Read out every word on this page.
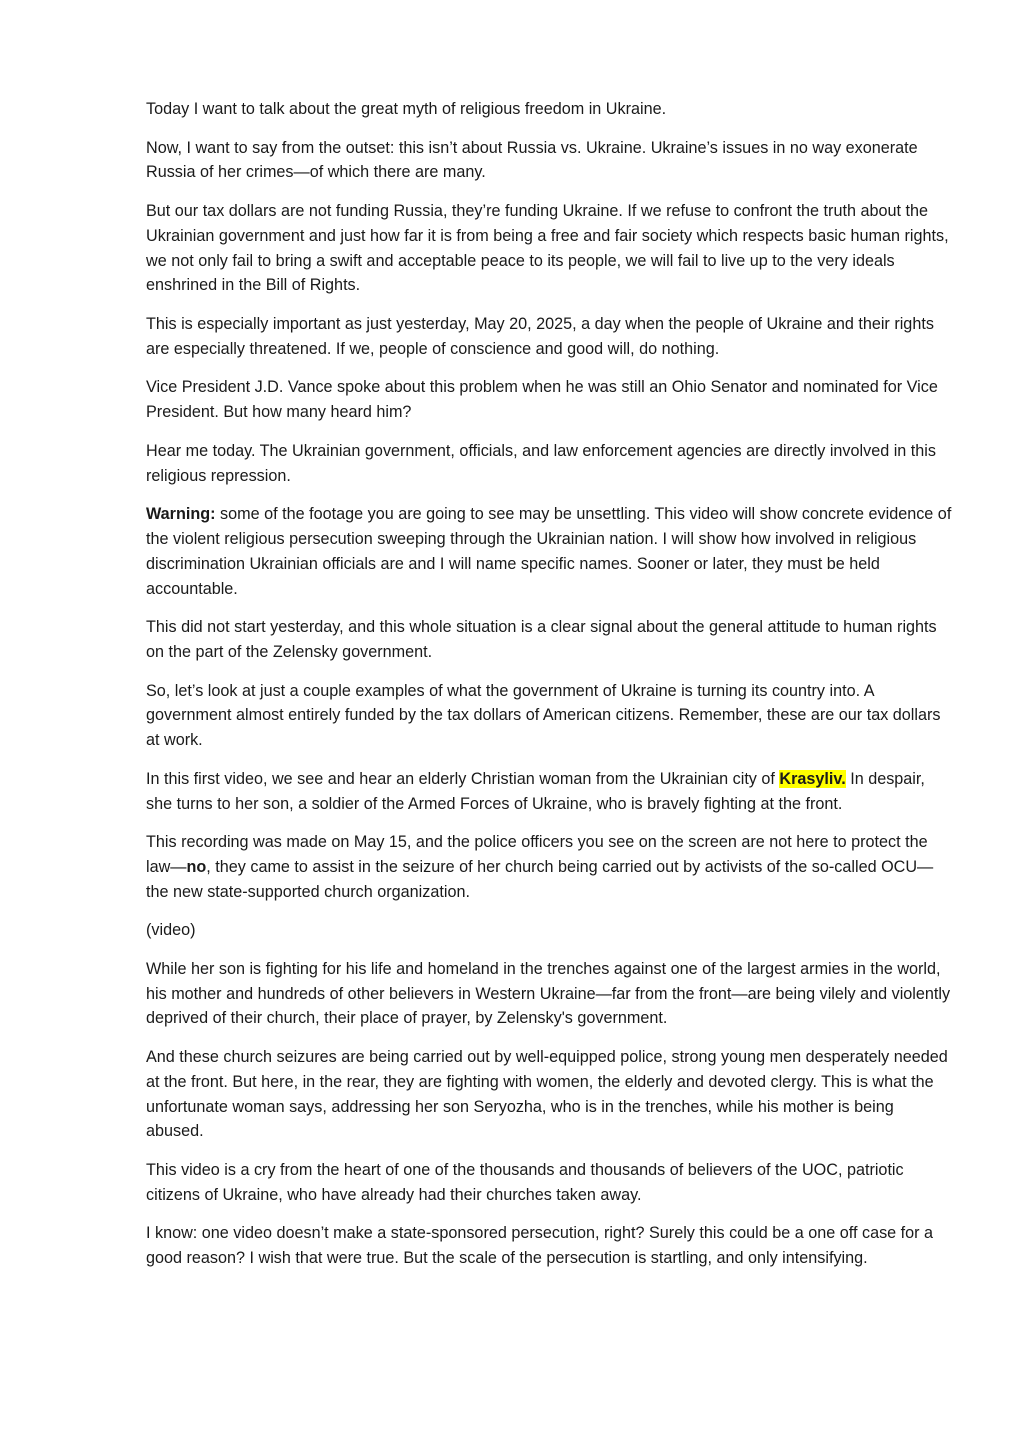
Today I want to talk about the great myth of religious freedom in Ukraine.

Now, I want to say from the outset: this isn’t about Russia vs. Ukraine. Ukraine’s issues in no way exonerate Russia of her crimes—of which there are many.

But our tax dollars are not funding Russia, they’re funding Ukraine. If we refuse to confront the truth about the Ukrainian government and just how far it is from being a free and fair society which respects basic human rights, we not only fail to bring a swift and acceptable peace to its people, we will fail to live up to the very ideals enshrined in the Bill of Rights.

This is especially important as just yesterday, May 20, 2025, a day when the people of Ukraine and their rights are especially threatened. If we, people of conscience and good will, do nothing.

Vice President J.D. Vance spoke about this problem when he was still an Ohio Senator and nominated for Vice President. But how many heard him?

Hear me today. The Ukrainian government, officials, and law enforcement agencies are directly involved in this religious repression.

Warning: some of the footage you are going to see may be unsettling. This video will show concrete evidence of the violent religious persecution sweeping through the Ukrainian nation. I will show how involved in religious discrimination Ukrainian officials are and I will name specific names. Sooner or later, they must be held accountable.

This did not start yesterday, and this whole situation is a clear signal about the general attitude to human rights on the part of the Zelensky government.

So, let’s look at just a couple examples of what the government of Ukraine is turning its country into. A government almost entirely funded by the tax dollars of American citizens. Remember, these are our tax dollars at work.

In this first video, we see and hear an elderly Christian woman from the Ukrainian city of Krasyliv. In despair, she turns to her son, a soldier of the Armed Forces of Ukraine, who is bravely fighting at the front.

This recording was made on May 15, and the police officers you see on the screen are not here to protect the law—no, they came to assist in the seizure of her church being carried out by activists of the so-called OCU—the new state-supported church organization.

(video)

While her son is fighting for his life and homeland in the trenches against one of the largest armies in the world, his mother and hundreds of other believers in Western Ukraine—far from the front—are being vilely and violently deprived of their church, their place of prayer, by Zelensky's government.

And these church seizures are being carried out by well-equipped police, strong young men desperately needed at the front. But here, in the rear, they are fighting with women, the elderly and devoted clergy. This is what the unfortunate woman says, addressing her son Seryozha, who is in the trenches, while his mother is being abused.

This video is a cry from the heart of one of the thousands and thousands of believers of the UOC, patriotic citizens of Ukraine, who have already had their churches taken away.

I know: one video doesn’t make a state-sponsored persecution, right? Surely this could be a one off case for a good reason? I wish that were true. But the scale of the persecution is startling, and only intensifying.
